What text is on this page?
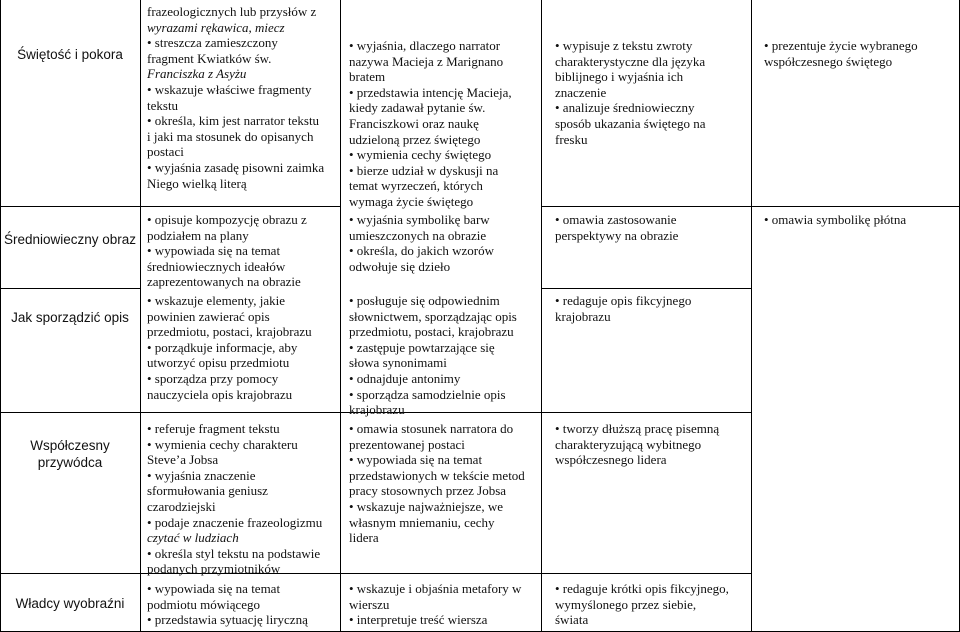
Świętość i pokora
Średniowieczny obraz
Jak sporządzić opis
Współczesny przywódca
Władcy wyobraźni
frazeologicznych lub przysłów z
wyrazami rękawica, miecz
• streszcza zamieszczony
fragment Kwiatków św.
Franciszka z Asyżu
• wskazuje właściwe fragmenty
tekstu
• określa, kim jest narrator tekstu
i jaki ma stosunek do opisanych
postaci
• wyjaśnia zasadę pisowni zaimka
Niego wielką literą
• opisuje kompozycję obrazu z
podziałem na plany
• wypowiada się na temat
średniowiecznych ideałów
zaprezentowanych na obrazie
• wskazuje elementy, jakie
powinien zawierać opis
przedmiotu, postaci, krajobrazu
• porządkuje informacje, aby
utworzyć opisu przedmiotu
• sporządza przy pomocy
nauczyciela opis krajobrazu
• referuje fragment tekstu
• wymienia cechy charakteru
Steve’a Jobsa
• wyjaśnia znaczenie
sformułowania geniusz
czarodziejski
• podaje znaczenie frazeologizmu
czytać w ludziach
• określa styl tekstu na podstawie
podanych przymiotników
• wypowiada się na temat
podmiotu mówiącego
• przedstawia sytuację liryczną
• wyjaśnia, dlaczego narrator
nazywa Macieja z Marignano
bratem
• przedstawia intencję Macieja,
kiedy zadawał pytanie św.
Franciszkowi oraz naukę
udzieloną przez świętego
• wymienia cechy świętego
• bierze udział w dyskusji na
temat wyrzeczeń, których
wymaga życie świętego
• wyjaśnia symbolikę barw
umieszczonych na obrazie
• określa, do jakich wzorów
odwołuje się dzieło
• posługuje się odpowiednim
słownictwem, sporządzając opis
przedmiotu, postaci, krajobrazu
• zastępuje powtarzające się
słowa synonimami
• odnajduje antonimy
• sporządza samodzielnie opis
krajobrazu
• omawia stosunek narratora do
prezentowanej postaci
• wypowiada się na temat
przedstawionych w tekście metod
pracy stosownych przez Jobsa
• wskazuje najważniejsze, we
własnym mniemaniu, cechy
lidera
• wskazuje i objaśnia metafory w
wierszu
• interpretuje treść wiersza
• wypisuje z tekstu zwroty
charakterystyczne dla języka
biblijnego i wyjaśnia ich
znaczenie
• analizuje średniowieczny
sposób ukazania świętego na
fresku
• omawia zastosowanie
perspektywy na obrazie
• redaguje opis fikcyjnego
krajobrazu
• tworzy dłuższą pracę pisemną
charakteryzującą wybitnego
współczesnego lidera
• redaguje krótki opis fikcyjnego,
wymyślonego przez siebie,
świata
• prezentuje życie wybranego
współczesnego świętego
• omawia symbolikę płótna
